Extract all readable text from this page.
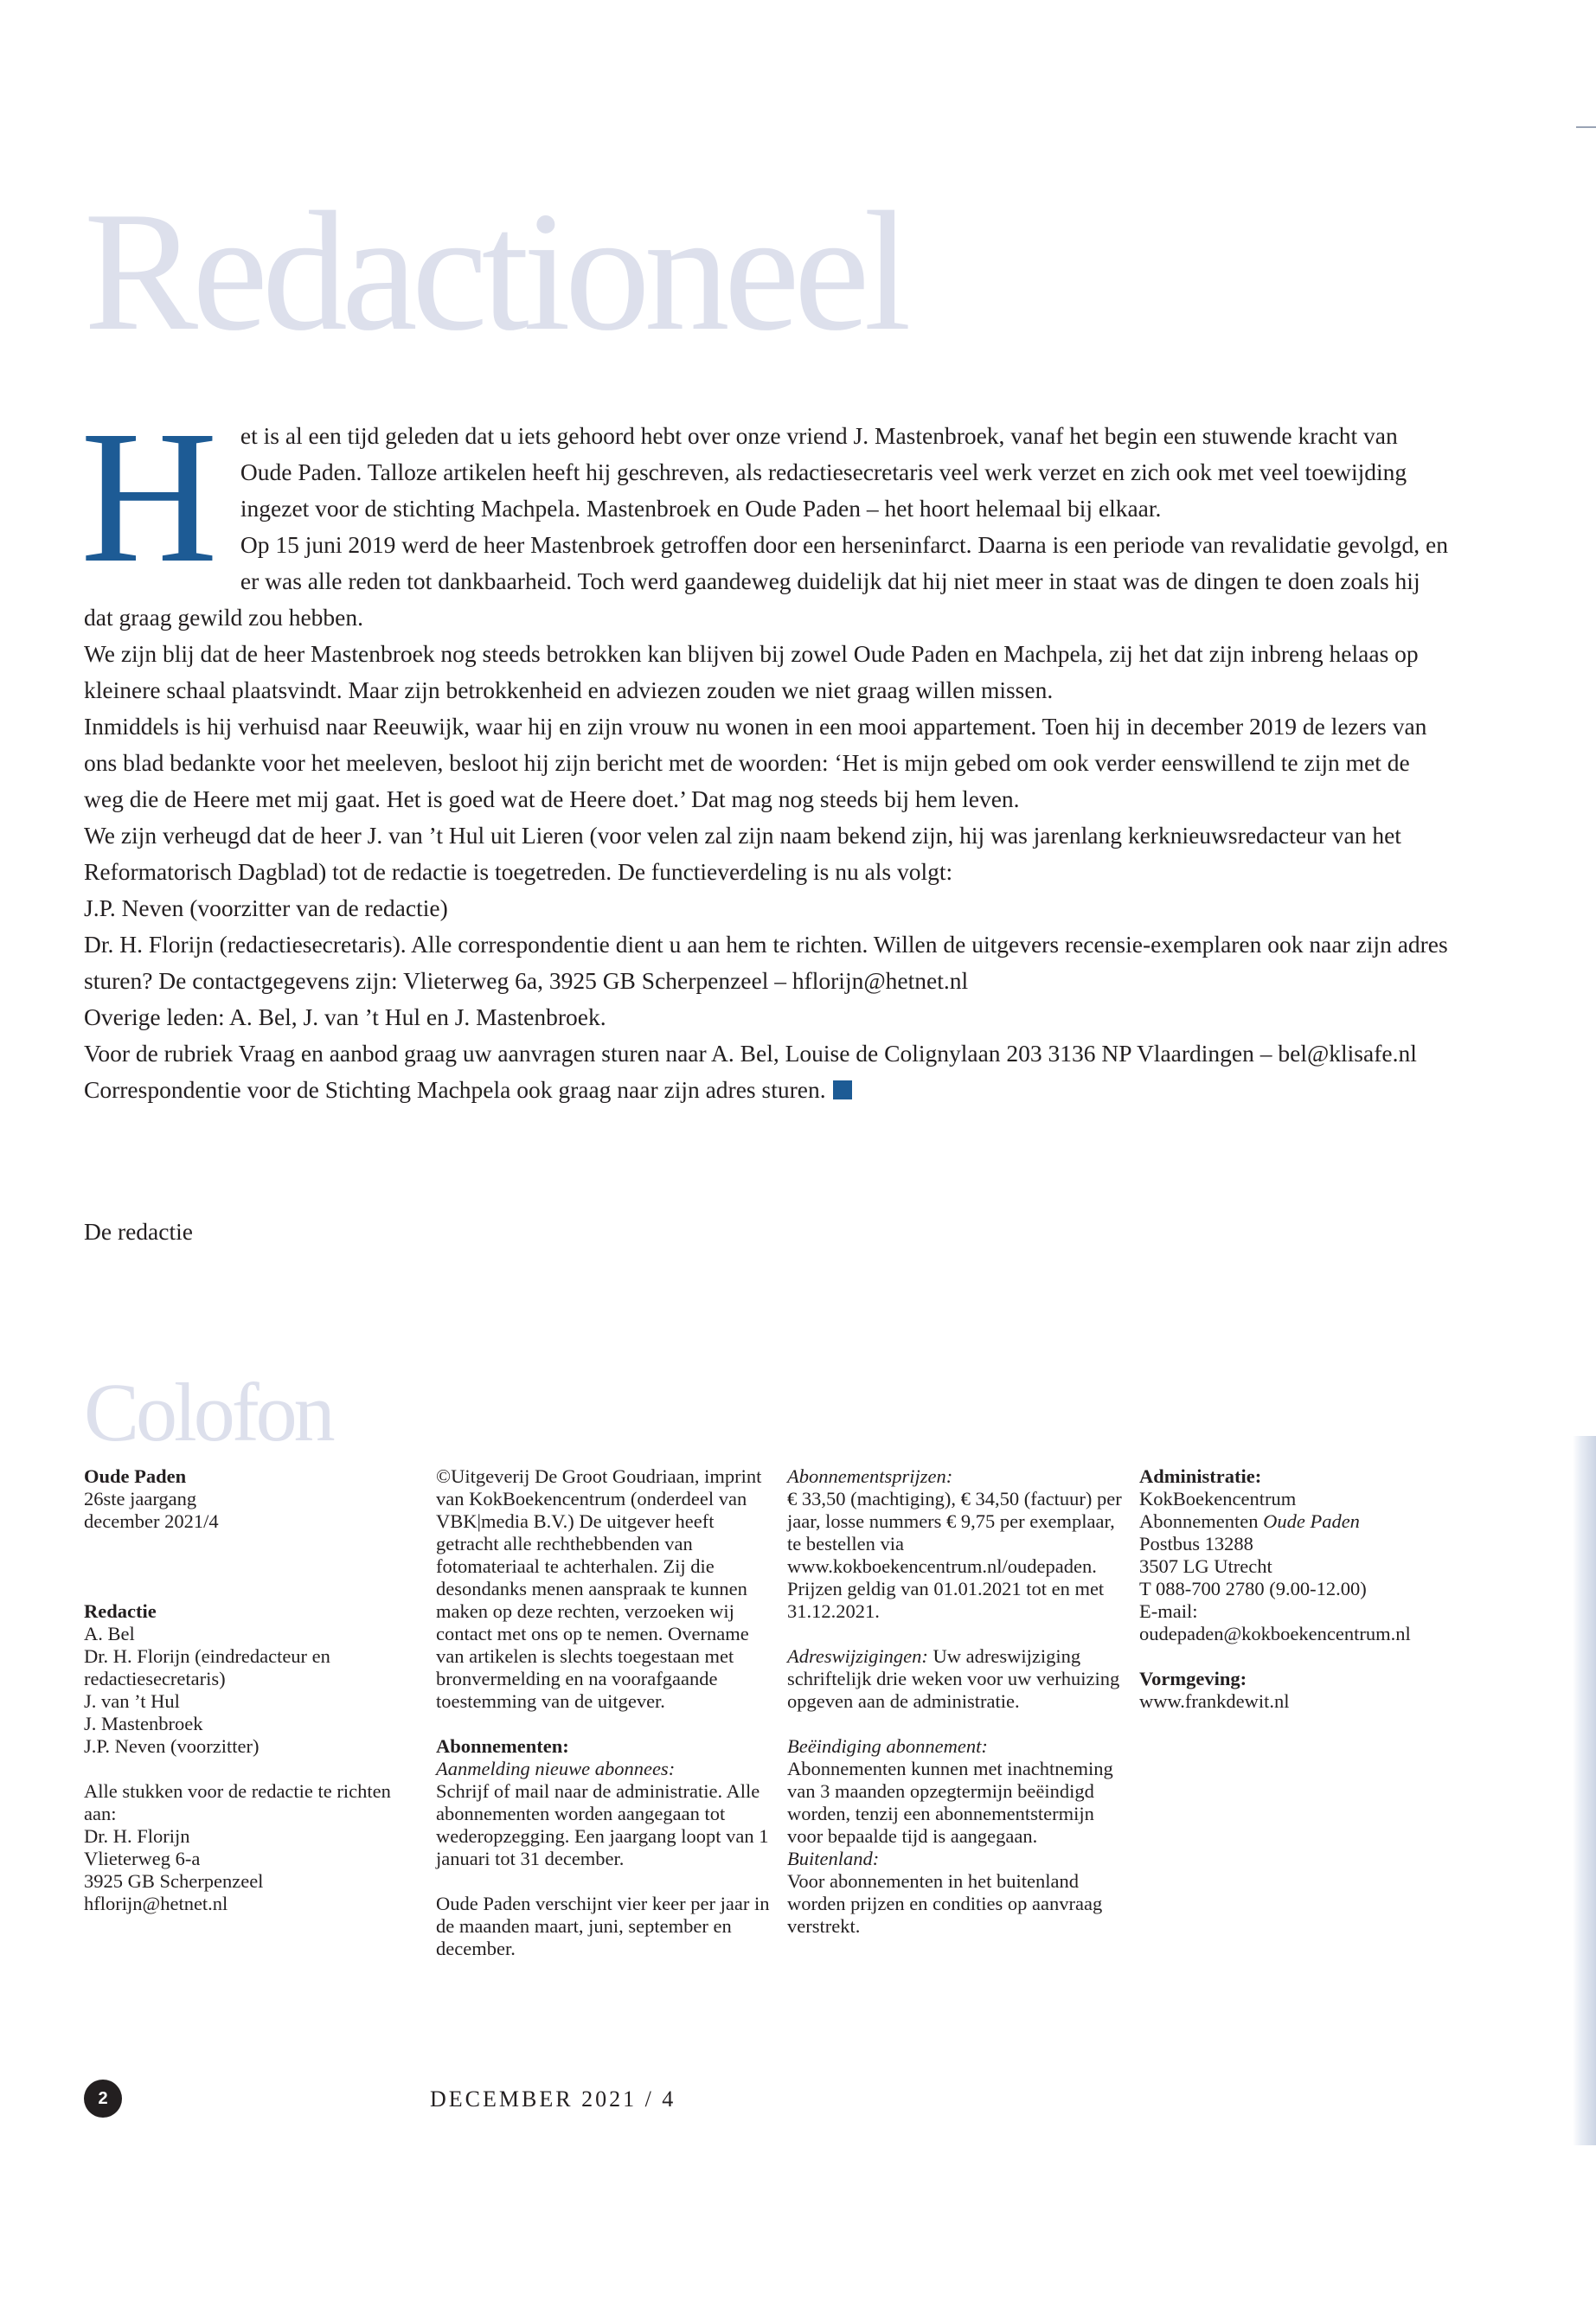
Redactioneel
H et is al een tijd geleden dat u iets gehoord hebt over onze vriend J. Mastenbroek, vanaf het begin een stuwende kracht van Oude Paden. Talloze artikelen heeft hij geschreven, als redactiesecretaris veel werk verzet en zich ook met veel toewijding ingezet voor de stichting Machpela. Mastenbroek en Oude Paden – het hoort helemaal bij elkaar.

Op 15 juni 2019 werd de heer Mastenbroek getroffen door een herseninfarct. Daarna is een periode van revalidatie gevolgd, en er was alle reden tot dankbaarheid. Toch werd gaandeweg duidelijk dat hij niet meer in staat was de dingen te doen zoals hij dat graag gewild zou hebben.

We zijn blij dat de heer Mastenbroek nog steeds betrokken kan blijven bij zowel Oude Paden en Machpela, zij het dat zijn inbreng helaas op kleinere schaal plaatsvindt. Maar zijn betrokkenheid en adviezen zouden we niet graag willen missen.

Inmiddels is hij verhuisd naar Reeuwijk, waar hij en zijn vrouw nu wonen in een mooi appartement. Toen hij in december 2019 de lezers van ons blad bedankte voor het meeleven, besloot hij zijn bericht met de woorden: ‘Het is mijn gebed om ook verder eenswillend te zijn met de weg die de Heere met mij gaat. Het is goed wat de Heere doet.’ Dat mag nog steeds bij hem leven.

We zijn verheugd dat de heer J. van ’t Hul uit Lieren (voor velen zal zijn naam bekend zijn, hij was jarenlang kerknieuwsredacteur van het Reformatorisch Dagblad) tot de redactie is toegetreden. De functieverdeling is nu als volgt:

J.P. Neven (voorzitter van de redactie)

Dr. H. Florijn (redactiesecretaris). Alle correspondentie dient u aan hem te richten. Willen de uitgevers recensie-exemplaren ook naar zijn adres sturen? De contactgegevens zijn: Vlieterweg 6a, 3925 GB Scherpenzeel – hflorijn@hetnet.nl

Overige leden: A. Bel, J. van ’t Hul en J. Mastenbroek.

Voor de rubriek Vraag en aanbod graag uw aanvragen sturen naar A. Bel, Louise de Colignylaan 203 3136 NP Vlaardingen – bel@klisafe.nl Correspondentie voor de Stichting Machpela ook graag naar zijn adres sturen.

De redactie

Colofon

Oude Paden

26ste jaargang

december 2021/4

Redactie

A. Bel

Dr. H. Florijn (eindredacteur en redactiesecretaris)

J. van ’t Hul

J. Mastenbroek

J.P. Neven (voorzitter)

Alle stukken voor de redactie te richten aan:

Dr. H. Florijn

Vlieterweg 6-a

3925 GB Scherpenzeel

hflorijn@hetnet.nl

©Uitgeverij De Groot Goudriaan, imprint van KokBoekencentrum (onderdeel van VBK|media B.V.) De uitgever heeft getracht alle rechthebbenden van fotomateriaal te achterhalen. Zij die desondanks menen aanspraak te kunnen maken op deze rechten, verzoeken wij contact met ons op te nemen. Overname van artikelen is slechts toegestaan met bronvermelding en na voorafgaande toestemming van de uitgever.

Abonnementen:

Aanmelding nieuwe abonnees:

Schrijf of mail naar de administratie. Alle abonnementen worden aangegaan tot wederopzegging. Een jaargang loopt van 1 januari tot 31 december.

Oude Paden verschijnt vier keer per jaar in de maanden maart, juni, september en december.

Abonnementsprijzen:

€ 33,50 (machtiging), € 34,50 (factuur) per jaar, losse nummers € 9,75 per exemplaar, te bestellen via www.kokboekencentrum.nl/oudepaden. Prijzen geldig van 01.01.2021 tot en met 31.12.2021.

Adreswijzigingen: Uw adreswijziging schriftelijk drie weken voor uw verhuizing opgeven aan de administratie.

Beëindiging abonnement:

Abonnementen kunnen met inachtneming van 3 maanden opzegtermijn beëindigd worden, tenzij een abonnementstermijn voor bepaalde tijd is aangegaan.

Buitenland:

Voor abonnementen in het buitenland worden prijzen en condities op aanvraag verstrekt.

Administratie:

KokBoekencentrum

Abonnementen Oude Paden

Postbus 13288

3507 LG Utrecht

T 088-700 2780 (9.00-12.00)

E-mail:

oudepaden@kokboekencentrum.nl

Vormgeving:

www.frankdewit.nl

2	DECEMBER 2021 / 4
